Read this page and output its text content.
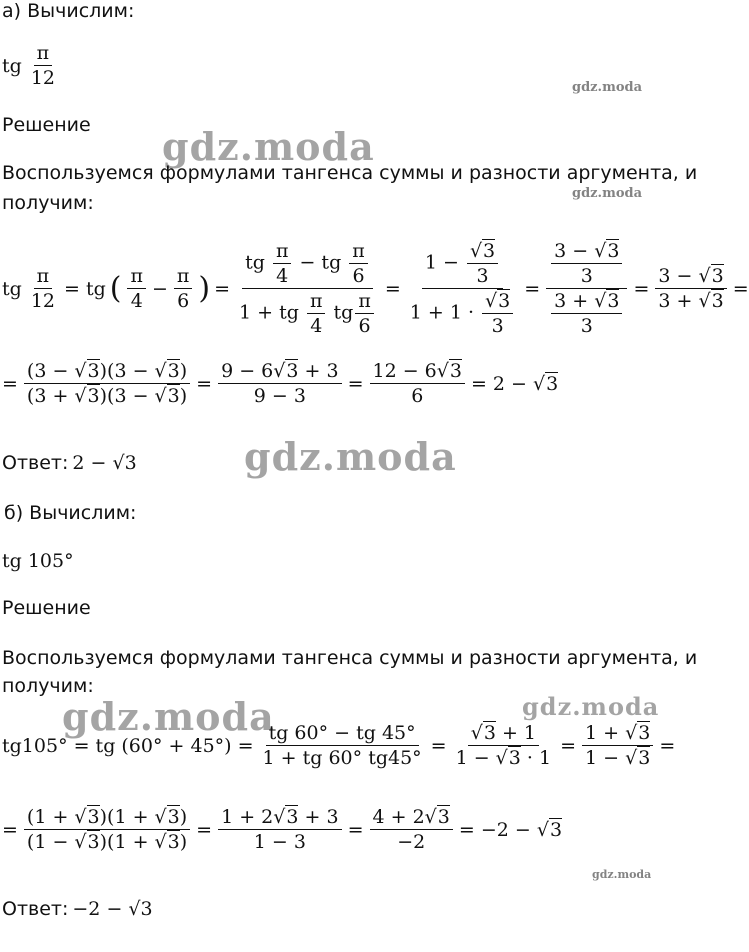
а) Вычислим:
tg $\frac{\pi}{12}$	gdz.moda
Решение gdz.moda
Воспользуемся формулами тангенса суммы и разности аргумента, и
gdz.moda
получим:
tg $\frac{\pi}{12}$ = tg ( $\frac{\pi}{4} - \frac{\pi}{6}$ ) = $\frac{tg \frac{\pi}{4} - tg \frac{\pi}{6}}{1 + tg \frac{\pi}{4} tg \frac{\pi}{6}} = \frac{1 - \frac{√3}{3}}{1 + 1 \cdot \frac{√3}{3}} = \frac{\frac{3 - √3}{3}}{\frac{3 + √3}{3}} = \frac{3 - √3}{3 + √3}$ =
= $\frac{(3 - √3)(3 - √3)}{(3 + √3)(3 - √3)} = \frac{9 - 6√3 + 3}{9 - 3} = \frac{12 - 6√3}{6} = 2 - √3$
Ответ: 2 − √3	gdz.moda
б) Вычислим:
tg 105°
Решение
Воспользуемся формулами тангенса суммы и разности аргумента, и
получим:
gdz.moda	gdz.moda
tg105° = tg $(60^\circ + 45^\circ) = \frac{tg 60^\circ - tg 45^\circ}{1 + tg 60^\circ tg45^\circ} = \frac{√3 + 1}{1 - √3 \cdot 1} = \frac{1 + √3}{1 - √3}$ =
= $\frac{(1 + √3)(1 + √3)}{(1 - √3)(1 + √3)} = \frac{1 + 2√3 + 3}{1 - 3} = \frac{4 + 2√3}{-2} = -2 - √3$
gdz.moda
Ответ: −2 − √3
